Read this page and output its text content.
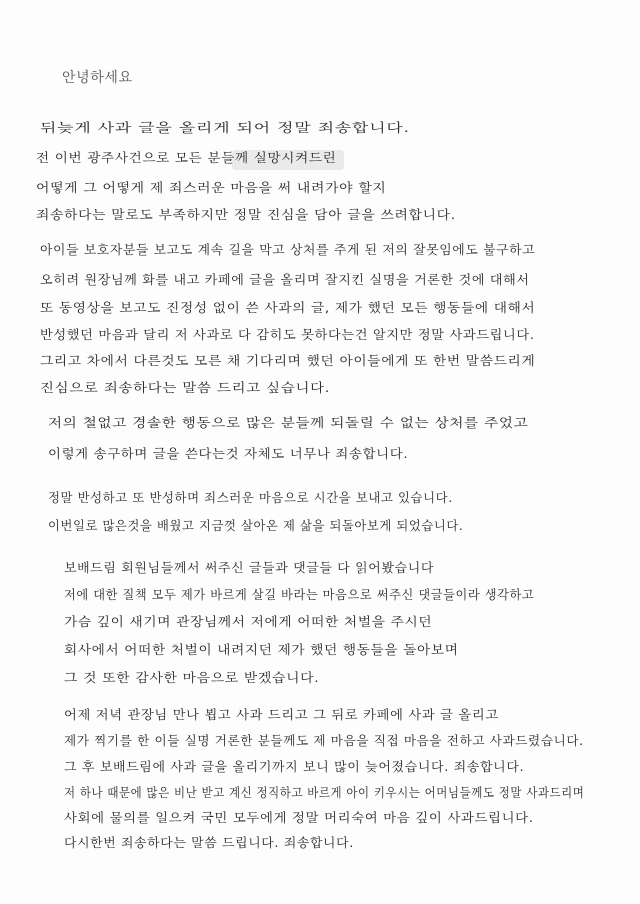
안녕하세요
뒤늦게 사과 글을 올리게 되어 정말 죄송합니다.
전 이번 광주사건으로 모든 분들께 실망시켜드린
어떻게 그 어떻게 제 죄스러운 마음을 써 내려가야 할지
죄송하다는 말로도 부족하지만 정말 진심을 담아 글을 쓰려합니다.
아이들 보호자분들 보고도 계속 길을 막고 상처를 주게 된 저의 잘못임에도 불구하고
오히려 원장님께 화를 내고 카페에 글을 올리며 잘지킨 실명을 거론한 것에 대해서
또 동영상을 보고도 진정성 없이 쓴 사과의 글, 제가 했던 모든 행동들에 대해서
반성했던 마음과 달리 저 사과로 다 감히도 못하다는건 알지만 정말 사과드립니다.
그리고 차에서 다른것도 모른 채 기다리며 했던 아이들에게 또 한번 말씀드리게
진심으로 죄송하다는 말씀 드리고 싶습니다.
저의 철없고 경솔한 행동으로 많은 분들께 되돌릴 수 없는 상처를 주었고
이렇게 송구하며 글을 쓴다는것 자체도 너무나 죄송합니다.
정말 반성하고 또 반성하며 죄스러운 마음으로 시간을 보내고 있습니다.
이번일로 많은것을 배웠고 지금껏 살아온 제 삶을 되돌아보게 되었습니다.
보배드림 회원님들께서 써주신 글들과 댓글들 다 읽어봤습니다
저에 대한 질책 모두 제가 바르게 살길 바라는 마음으로 써주신 댓글들이라 생각하고
가슴 깊이 새기며 관장님께서 저에게 어떠한 처벌을 주시던
회사에서 어떠한 처벌이 내려지던 제가 했던 행동들을 돌아보며
그 것 또한 감사한 마음으로 받겠습니다.
어제 저녁 관장님 만나 뵙고 사과 드리고 그 뒤로 카페에 사과 글 올리고
제가 찍기를 한 이들 실명 거론한 분들께도 제 마음을 직접 마음을 전하고 사과드렸습니다.
그 후 보배드림에 사과 글을 올리기까지 보니 많이 늦어졌습니다. 죄송합니다.
저 하나 때문에 많은 비난 받고 계신 정직하고 바르게 아이 키우시는 어머님들께도 정말 사과드리며
사회에 물의를 일으켜 국민 모두에게 정말 머리숙여 마음 깊이 사과드립니다.
다시한번 죄송하다는 말씀 드립니다. 죄송합니다.
